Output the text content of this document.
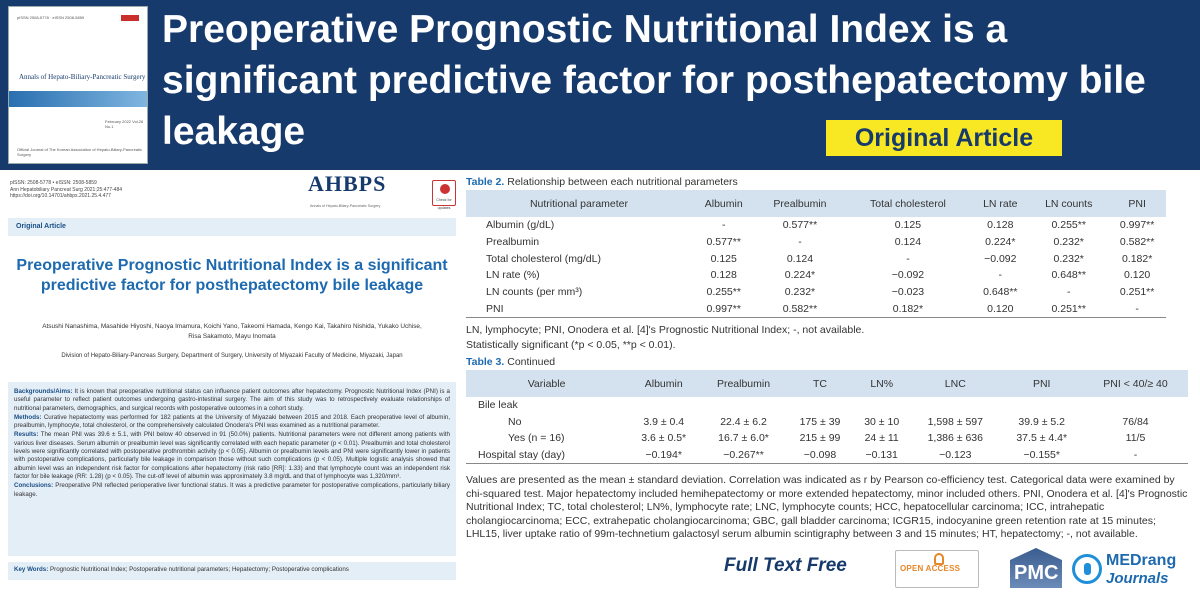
pISSN 2508-5778 · eISSN 2508-5859
Annals of Hepato-Biliary-Pancreatic Surgery
February 2022 Vol.26 No.1
Official Journal of The Korean Association of Hepato-Biliary-Pancreatic Surgery
Preoperative Prognostic Nutritional Index is a significant predictive factor for posthepatectomy bile leakage	Original Article
pISSN: 2508-5778 • eISSN: 2508-5859
Ann Hepatobiliary Pancreat Surg 2021;25:477-484
https://doi.org/10.14701/ahbps.2021.25.4.477
AHBPS
Annals of Hepato-Biliary-Pancreatic Surgery
Check for updates
Original Article
Preoperative Prognostic Nutritional Index is a significant predictive factor for posthepatectomy bile leakage
Atsushi Nanashima, Masahide Hiyoshi, Naoya Imamura, Koichi Yano, Takeomi Hamada, Kengo Kai, Takahiro Nishida, Yukako Uchise, Risa Sakamoto, Mayu Inomata
Division of Hepato-Biliary-Pancreas Surgery, Department of Surgery, University of Miyazaki Faculty of Medicine, Miyazaki, Japan

Backgrounds/Aims: It is known that preoperative nutritional status can influence patient outcomes after hepatectomy. Prognostic Nutritional Index (PNI) is a useful parameter to reflect patient outcomes undergoing gastro-intestinal surgery. The aim of this study was to retrospectively evaluate relationships of nutritional parameters, demographics, and surgical records with postoperative outcomes in a cohort study.

Methods: Curative hepatectomy was performed for 182 patients at the University of Miyazaki between 2015 and 2018. Each preoperative level of albumin, prealbumin, lymphocyte, total cholesterol, or the comprehensively calculated Onodera's PNI was examined as a nutritional parameter.

Results: The mean PNI was 39.6 ± 5.1, with PNI below 40 observed in 91 (50.0%) patients. Nutritional parameters were not different among patients with various liver diseases. Serum albumin or prealbumin level was significantly correlated with each hepatic parameter (p < 0.01). Prealbumin and total cholesterol levels were significantly correlated with postoperative prothrombin activity (p < 0.05). Albumin or prealbumin levels and PNI were significantly lower in patients with postoperative complications, particularly bile leakage in comparison those without such complications (p < 0.05). Multiple logistic analysis showed that albumin level was an independent risk factor for complications after hepatectomy (risk ratio [RR]: 1.33) and that lymphocyte count was an independent risk factor for bile leakage (RR: 1.28) (p < 0.05). The cut-off level of albumin was approximately 3.8 mg/dL and that of lymphocyte was 1,320/mm³.

Conclusions: Preoperative PNI reflected perioperative liver functional status. It was a predictive parameter for postoperative complications, particularly biliary leakage.

Key Words: Prognostic Nutritional Index; Postoperative nutritional parameters; Hepatectomy; Postoperative complications
Table 2. Relationship between each nutritional parameters
Nutritional parameter	Albumin	Prealbumin	Total cholesterol	LN rate	LN counts	PNI
Albumin (g/dL)	-	0.577**	0.125	0.128	0.255**	0.997**
Prealbumin	0.577**	-	0.124	0.224*	0.232*	0.582**
Total cholesterol (mg/dL)	0.125	0.124	-	−0.092	0.232*	0.182*
LN rate (%)	0.128	0.224*	−0.092	-	0.648**	0.120
LN counts (per mm³)	0.255**	0.232*	−0.023	0.648**	-	0.251**
PNI	0.997**	0.582**	0.182*	0.120	0.251**	-
LN, lymphocyte; PNI, Onodera et al. [4]'s Prognostic Nutritional Index; -, not available.
Statistically significant (*p < 0.05, **p < 0.01).
Table 3. Continued
Variable	Albumin	Prealbumin	TC	LN%	LNC	PNI	PNI < 40/≥ 40
Bile leak							
No	3.9 ± 0.4	22.4 ± 6.2	175 ± 39	30 ± 10	1,598 ± 597	39.9 ± 5.2	76/84
Yes (n = 16)	3.6 ± 0.5*	16.7 ± 6.0*	215 ± 99	24 ± 11	1,386 ± 636	37.5 ± 4.4*	11/5
Hospital stay (day)	−0.194*	−0.267**	−0.098	−0.131	−0.123	−0.155*	-
Values are presented as the mean ± standard deviation. Correlation was indicated as r by Pearson co-efficiency test. Categorical data were examined by chi-squared test. Major hepatectomy included hemihepatectomy or more extended hepatectomy, minor included others. PNI, Onodera et al. [4]'s Prognostic Nutritional Index; TC, total cholesterol; LN%, lymphocyte rate; LNC, lymphocyte counts; HCC, hepatocellular carcinoma; ICC, intrahepatic cholangiocarcinoma; ECC, extrahepatic cholangiocarcinoma; GBC, gall bladder carcinoma; ICGR15, indocyanine green retention rate at 15 minutes; LHL15, liver uptake ratio of 99m-technetium galactosyl serum albumin scintigraphy between 3 and 15 minutes; HT, hepatectomy; -, not available.
Full Text Free	OPEN ACCESS	PMC
MEDrang
Journals
